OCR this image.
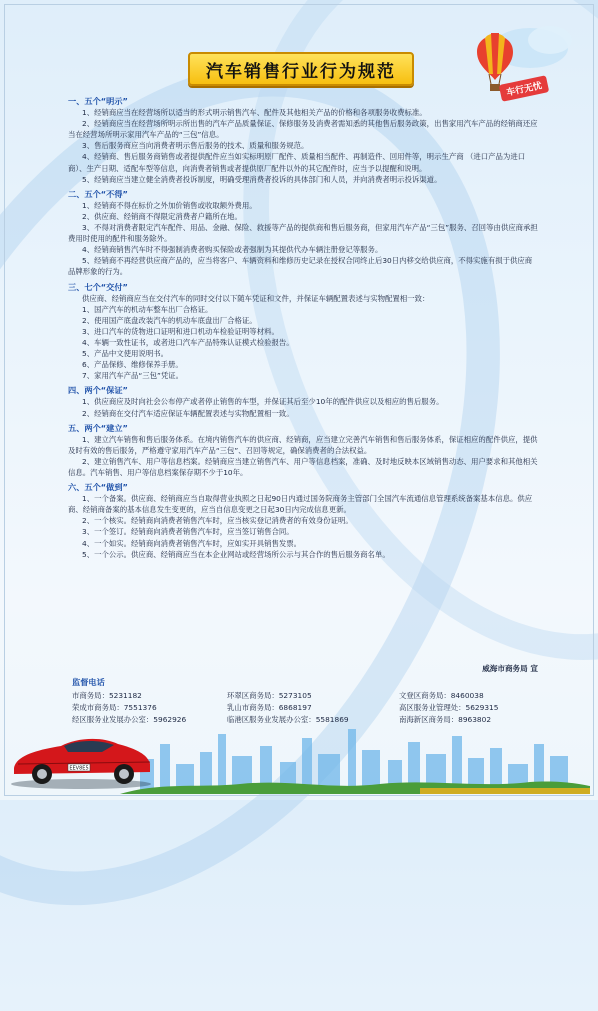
车行无忧
汽车销售行业行为规范
一、五个“明示”
1、经销商应当在经营场所以适当的形式明示销售汽车、配件及其他相关产品的价格和各项服务收费标准。
2、经销商应当在经营场所明示所出售的汽车产品质量保证、保修服务及消费者需知悉的其他售后服务政策，出售家用汽车产品的经销商还应当在经营场所明示家用汽车产品的“三包”信息。
3、售后服务商应当向消费者明示售后服务的技术、质量和服务规范。
4、经销商、售后服务商销售或者提供配件应当如实标明原厂配件、质量相当配件、再制造件、回用件等，明示生产商 （进口产品为进口商）、生产日期、适配车型等信息，向消费者销售或者提供原厂配件以外的其它配件时，应当予以提醒和说明。
5、经销商应当建立健全消费者投诉制度，明确受理消费者投诉的具体部门和人员，并向消费者明示投诉渠道。
二、五个“不得”
1、经销商不得在标价之外加价销售或收取额外费用。
2、供应商、经销商不得限定消费者户籍所在地。
3、不得对消费者限定汽车配件、用品、金融、保险、救援等产品的提供商和售后服务商，但家用汽车产品“三包”服务、召回等由供应商承担费用时使用的配件和服务除外。
4、经销商销售汽车时不得强制消费者购买保险或者强制为其提供代办车辆注册登记等服务。
5、经销商不再经营供应商产品的，应当将客户、车辆资料和维修历史记录在授权合同终止后30日内移交给供应商，不得实施有损于供应商品牌形象的行为。
三、七个“交付”
供应商、经销商应当在交付汽车的同时交付以下随车凭证和文件，并保证车辆配置表述与实物配置相一致：
1、国产汽车的机动车整车出厂合格证。
2、使用国产底盘改装汽车的机动车底盘出厂合格证。
3、进口汽车的货物进口证明和进口机动车检验证明等材料。
4、车辆一致性证书，或者进口汽车产品特殊认证模式检验报告。
5、产品中文使用说明书。
6、产品保修、维修保养手册。
7、家用汽车产品“三包”凭证。
四、两个“保证”
1、供应商应及时向社会公布停产或者停止销售的车型，并保证其后至少10年的配件供应以及相应的售后服务。
2、经销商在交付汽车适应保证车辆配置表述与实物配置相一致。
五、两个“建立”
1、建立汽车销售和售后服务体系。在境内销售汽车的供应商、经销商，应当建立完善汽车销售和售后服务体系，保证相应的配件供应，提供及时有效的售后服务，严格遵守家用汽车产品“三包”、召回等规定，确保消费者的合法权益。
2、建立销售汽车、用户等信息档案。经销商应当建立销售汽车、用户等信息档案，准确、及时地反映本区域销售动态、用户要求和其他相关信息。汽车销售、用户等信息档案保存期不少于10年。
六、五个“做到”
1、一个备案。供应商、经销商应当自取得营业执照之日起90日内通过国务院商务主管部门全国汽车流通信息管理系统备案基本信息。供应商、经销商备案的基本信息发生变更的，应当自信息变更之日起30日内完成信息更新。
2、一个核实。经销商向消费者销售汽车时，应当核实登记消费者的有效身份证明。
3、一个签订。经销商向消费者销售汽车时，应当签订销售合同。
4、一个如实。经销商向消费者销售汽车时，应如实开具销售发票。
5、一个公示。供应商、经销商应当在本企业网站或经营场所公示与其合作的售后服务商名单。
威海市商务局 宣
监督电话
市商务局：5231182	环翠区商务局：5273105	文登区商务局：8460038
荣成市商务局：7551376	乳山市商务局：6868197	高区服务业管理处：5629315
经区服务业发展办公室：5962926	临港区服务业发展办公室：5581869	南海新区商务局：8963802
EEV8E5
